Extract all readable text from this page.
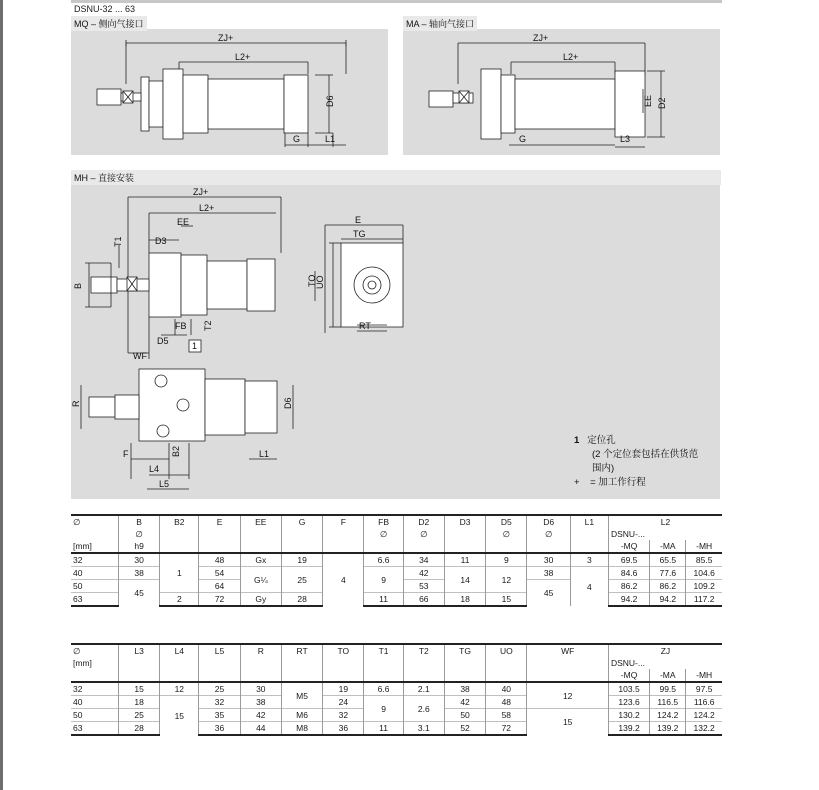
DSNU-32 ... 63
MQ – 侧向气接口
ZJ+
L2+
D6
G	L1
MA – 轴向气接口
ZJ+
L2+
EE D2
G	L3
MH – 直接安装
ZJ+
L2+
EE
T1	D3
B
FB T2
D5
WF
1
E
TG
UO
TO
RT
R	D6
F	B2
L4
L1
L5
1 定位孔
(2 个定位套包括在供货范
围内)
+ = 加工作行程
∅	B	B2	E	EE	G	F	FB	D2	D3	D5	D6	L1	L2		
	∅						∅	∅		∅	∅		DSNU-...		
[mm]	h9												-MQ	-MA	-MH
32	30	1	48	Gx	19	4	6.6	34	11	9	30	3	69.5	65.5	85.5
40	38		54	G¼	25		9	42	14	12	38	4	84.6	77.6	104.6
50	45		64					53			45		86.2	86.2	109.2
63		2	72	Gy	28		11	66	18	15			94.2	94.2	117.2
∅	L3	L4	L5	R	RT	TO	T1	T2	TG	UO	WF	ZJ		
[mm]												DSNU-...		
												-MQ	-MA	-MH
32	15	12	25	30	M5	19	6.6	2.1	38	40	12	103.5	99.5	97.5
40	18	15	32	38		24	9	2.6	42	48		123.6	116.5	116.6
50	25		35	42	M6	32			50	58	15	130.2	124.2	124.2
63	28		36	44	M8	36	11	3.1	52	72		139.2	139.2	132.2
